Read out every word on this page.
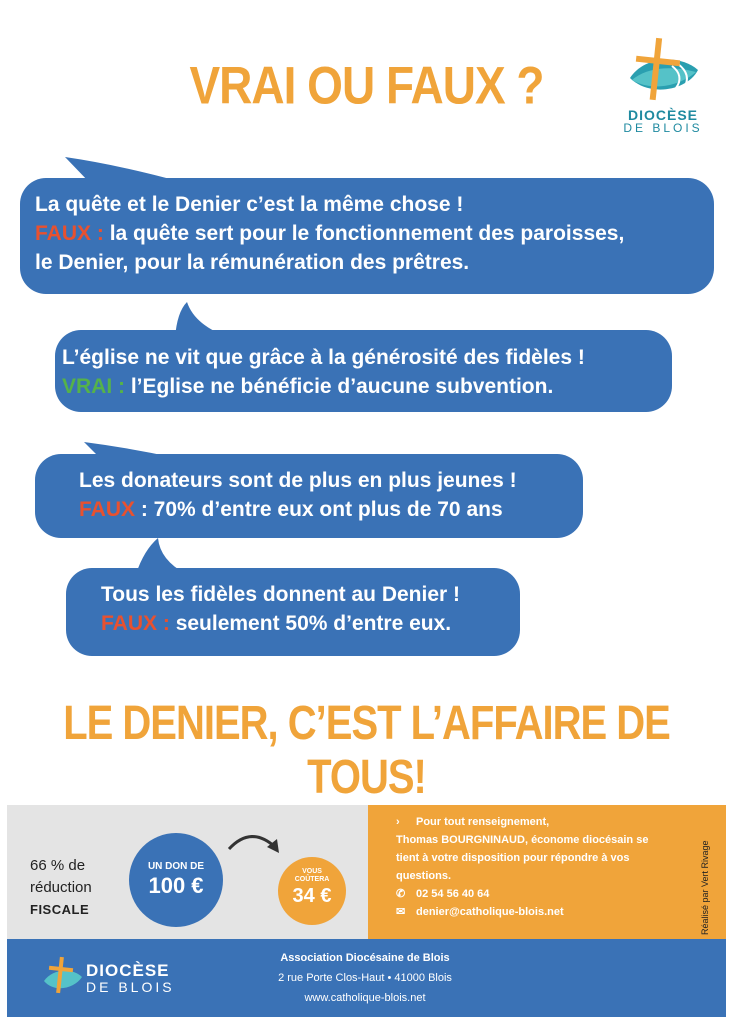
VRAI OU FAUX ?
DIOCÈSE
DE BLOIS
La quête et le Denier c’est la même chose !
FAUX : la quête sert pour le fonctionnement des paroisses,
le Denier, pour la rémunération des prêtres.
L’église ne vit que grâce à la générosité des fidèles !
VRAI : l’Eglise ne bénéficie d’aucune subvention.
Les donateurs sont de plus en plus jeunes !
FAUX : 70% d’entre eux ont plus de 70 ans
Tous les fidèles donnent au Denier !
FAUX : seulement 50% d’entre eux.
LE DENIER, C’EST L’AFFAIRE DE TOUS!
66 % de
réduction
FISCALE
UN DON DE
100 €
VOUS
COÛTERA
34 €
› Pour tout renseignement,
Thomas BOURGNINAUD, économe diocésain se
tient à votre disposition pour répondre à vos
questions.
✆ 02 54 56 40 64
✉ denier@catholique-blois.net	Réalisé par Vert Rivage
DIOCÈSE
DE BLOIS
Association Diocésaine de Blois
2 rue Porte Clos-Haut • 41000 Blois
www.catholique-blois.net
